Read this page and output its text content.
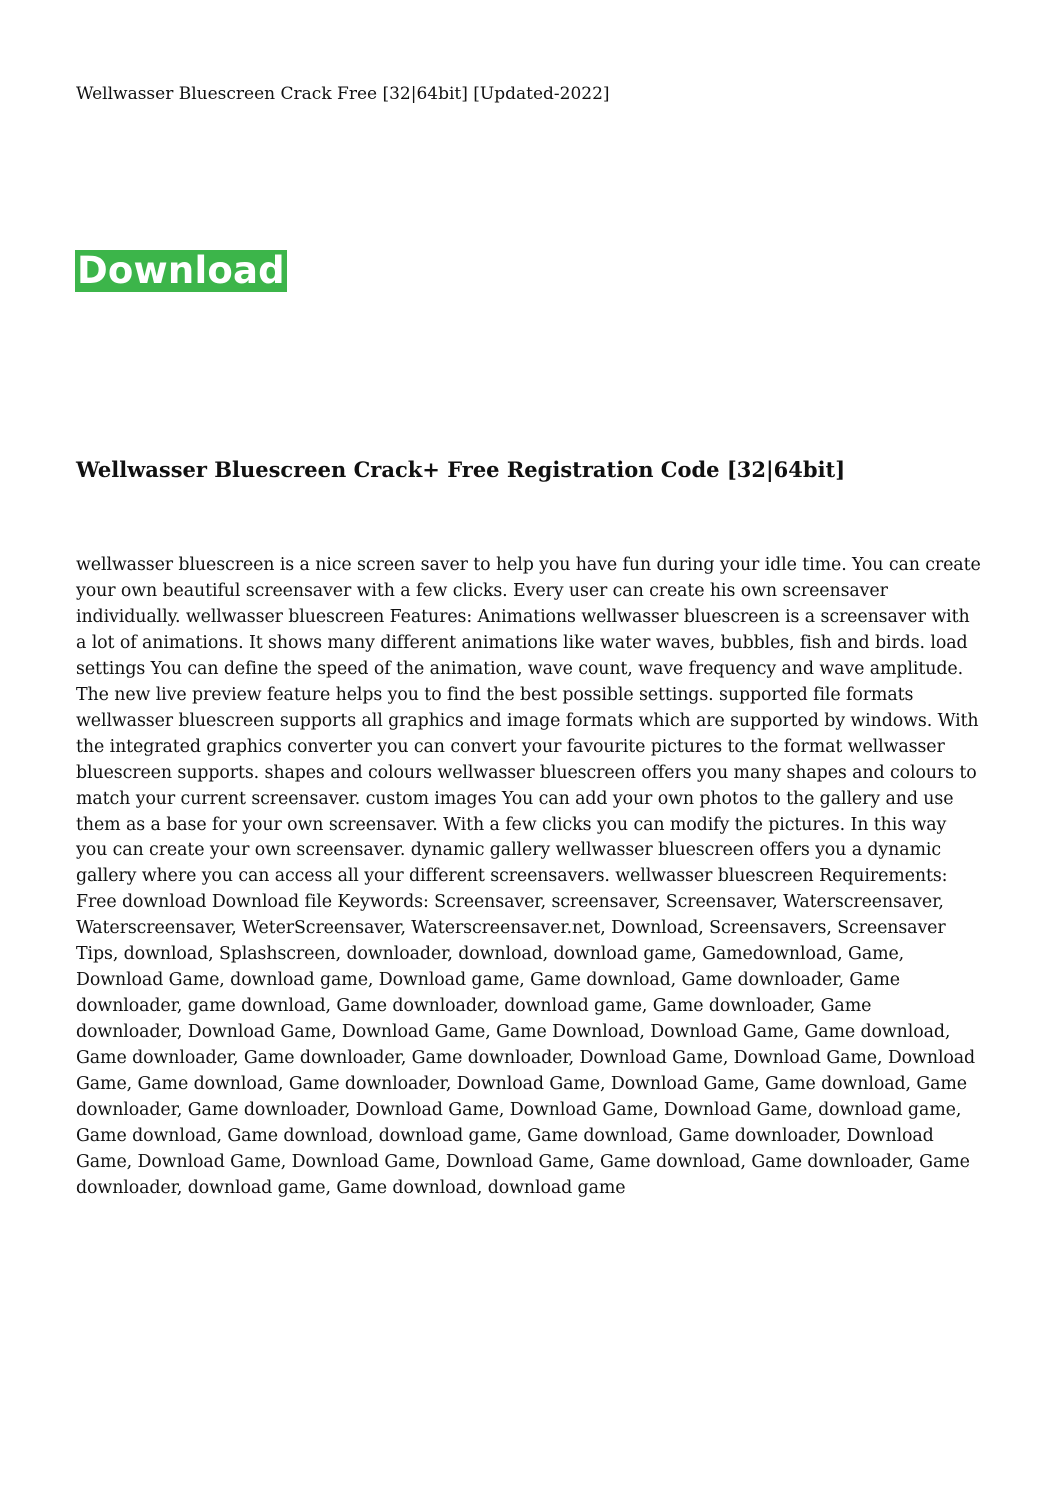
Wellwasser Bluescreen Crack Free [32|64bit] [Updated-2022]
Download
Wellwasser Bluescreen Crack+ Free Registration Code [32|64bit]

wellwasser bluescreen is a nice screen saver to help you have fun during your idle time. You can create your own beautiful screensaver with a few clicks. Every user can create his own screensaver individually. wellwasser bluescreen Features: Animations wellwasser bluescreen is a screensaver with a lot of animations. It shows many different animations like water waves, bubbles, fish and birds. load settings You can define the speed of the animation, wave count, wave frequency and wave amplitude. The new live preview feature helps you to find the best possible settings. supported file formats wellwasser bluescreen supports all graphics and image formats which are supported by windows. With the integrated graphics converter you can convert your favourite pictures to the format wellwasser bluescreen supports. shapes and colours wellwasser bluescreen offers you many shapes and colours to match your current screensaver. custom images You can add your own photos to the gallery and use them as a base for your own screensaver. With a few clicks you can modify the pictures. In this way you can create your own screensaver. dynamic gallery wellwasser bluescreen offers you a dynamic gallery where you can access all your different screensavers. wellwasser bluescreen Requirements: Free download Download file Keywords: Screensaver, screensaver, Screensaver, Waterscreensaver, Waterscreensaver, WeterScreensaver, Waterscreensaver.net, Download, Screensavers, Screensaver Tips, download, Splashscreen, downloader, download, download game, Gamedownload, Game, Download Game, download game, Download game, Game download, Game downloader, Game downloader, game download, Game downloader, download game, Game downloader, Game downloader, Download Game, Download Game, Game Download, Download Game, Game download, Game downloader, Game downloader, Game downloader, Download Game, Download Game, Download Game, Game download, Game downloader, Download Game, Download Game, Game download, Game downloader, Game downloader, Download Game, Download Game, Download Game, download game, Game download, Game download, download game, Game download, Game downloader, Download Game, Download Game, Download Game, Download Game, Game download, Game downloader, Game downloader, download game, Game download, download game
